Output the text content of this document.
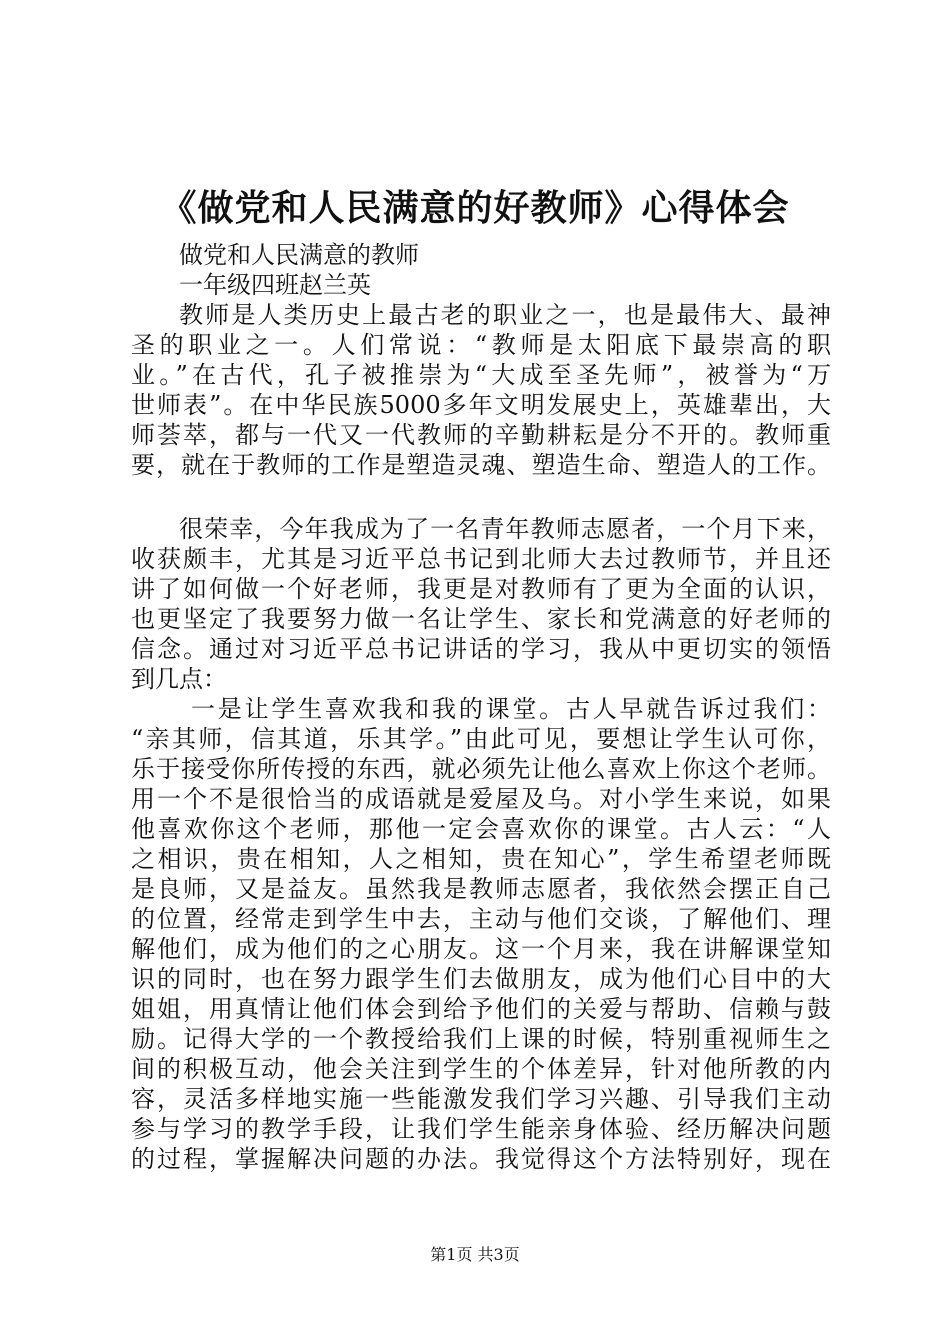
《做党和人民满意的好教师》心得体会
做党和人民满意的教师
一年级四班赵兰英
教师是人类历史上最古老的职业之一，也是最伟大、最神
圣的职业之一。人们常说：“教师是太阳底下最崇高的职
业。”在古代，孔子被推崇为“大成至圣先师”，被誉为“万
世师表”。在中华民族5000多年文明发展史上，英雄辈出，大
师荟萃，都与一代又一代教师的辛勤耕耘是分不开的。教师重
要，就在于教师的工作是塑造灵魂、塑造生命、塑造人的工作。
很荣幸，今年我成为了一名青年教师志愿者，一个月下来，
收获颇丰，尤其是习近平总书记到北师大去过教师节，并且还
讲了如何做一个好老师，我更是对教师有了更为全面的认识，
也更坚定了我要努力做一名让学生、家长和党满意的好老师的
信念。通过对习近平总书记讲话的学习，我从中更切实的领悟
到几点：
一是让学生喜欢我和我的课堂。古人早就告诉过我们：
“亲其师，信其道，乐其学。”由此可见，要想让学生认可你，
乐于接受你所传授的东西，就必须先让他么喜欢上你这个老师。
用一个不是很恰当的成语就是爱屋及乌。对小学生来说，如果
他喜欢你这个老师，那他一定会喜欢你的课堂。古人云：“人
之相识，贵在相知，人之相知，贵在知心”，学生希望老师既
是良师，又是益友。虽然我是教师志愿者，我依然会摆正自己
的位置，经常走到学生中去，主动与他们交谈，了解他们、理
解他们，成为他们的之心朋友。这一个月来，我在讲解课堂知
识的同时，也在努力跟学生们去做朋友，成为他们心目中的大
姐姐，用真情让他们体会到给予他们的关爱与帮助、信赖与鼓
励。记得大学的一个教授给我们上课的时候，特别重视师生之
间的积极互动，他会关注到学生的个体差异，针对他所教的内
容，灵活多样地实施一些能激发我们学习兴趣、引导我们主动
参与学习的教学手段，让我们学生能亲身体验、经历解决问题
的过程，掌握解决问题的办法。我觉得这个方法特别好，现在
第1页 共3页
